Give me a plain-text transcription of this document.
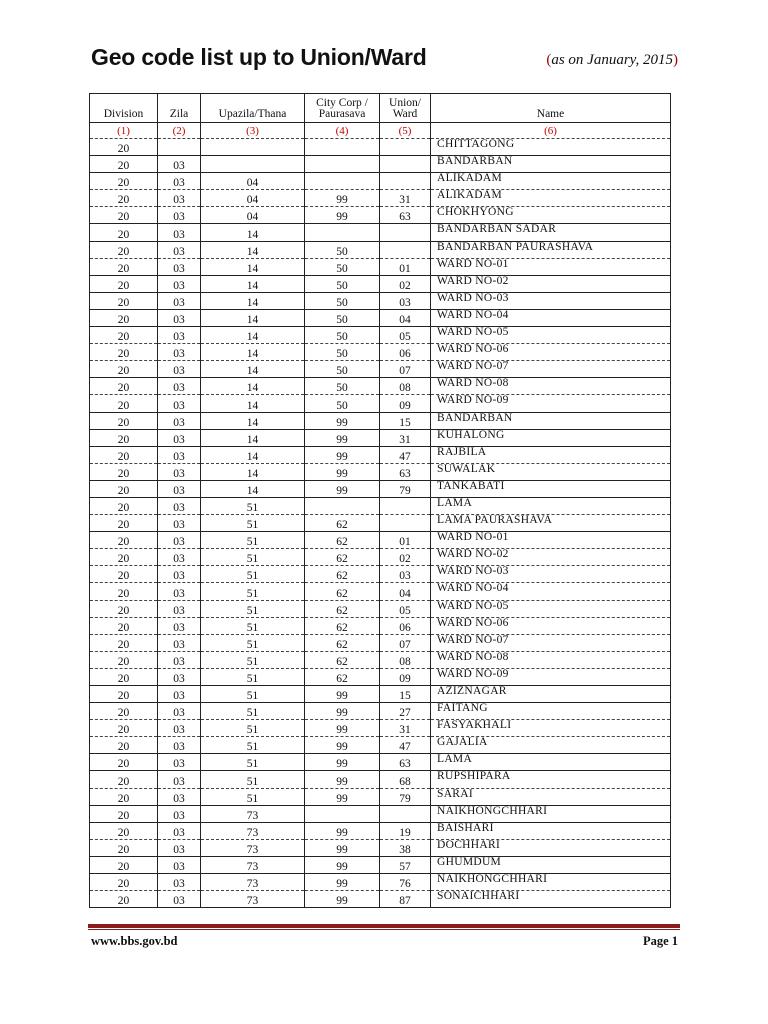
Geo code list up to Union/Ward	(as on January, 2015)
Division	Zila	Upazila/Thana	City Corp / Paurasava	Union/ Ward	Name
(1)	(2)	(3)	(4)	(5)	(6)
20					CHITTAGONG
20	03				BANDARBAN
20	03	04			ALIKADAM
20	03	04	99	31	ALIKADAM
20	03	04	99	63	CHOKHYONG
20	03	14			BANDARBAN SADAR
20	03	14	50		BANDARBAN PAURASHAVA
20	03	14	50	01	WARD NO-01
20	03	14	50	02	WARD NO-02
20	03	14	50	03	WARD NO-03
20	03	14	50	04	WARD NO-04
20	03	14	50	05	WARD NO-05
20	03	14	50	06	WARD NO-06
20	03	14	50	07	WARD NO-07
20	03	14	50	08	WARD NO-08
20	03	14	50	09	WARD NO-09
20	03	14	99	15	BANDARBAN
20	03	14	99	31	KUHALONG
20	03	14	99	47	RAJBILA
20	03	14	99	63	SUWALAK
20	03	14	99	79	TANKABATI
20	03	51			LAMA
20	03	51	62		LAMA PAURASHAVA
20	03	51	62	01	WARD NO-01
20	03	51	62	02	WARD NO-02
20	03	51	62	03	WARD NO-03
20	03	51	62	04	WARD NO-04
20	03	51	62	05	WARD NO-05
20	03	51	62	06	WARD NO-06
20	03	51	62	07	WARD NO-07
20	03	51	62	08	WARD NO-08
20	03	51	62	09	WARD NO-09
20	03	51	99	15	AZIZNAGAR
20	03	51	99	27	FAITANG
20	03	51	99	31	FASYAKHALI
20	03	51	99	47	GAJALIA
20	03	51	99	63	LAMA
20	03	51	99	68	RUPSHIPARA
20	03	51	99	79	SARAI
20	03	73			NAIKHONGCHHARI
20	03	73	99	19	BAISHARI
20	03	73	99	38	DOCHHARI
20	03	73	99	57	GHUMDUM
20	03	73	99	76	NAIKHONGCHHARI
20	03	73	99	87	SONAICHHARI
www.bbs.gov.bd	Page 1
